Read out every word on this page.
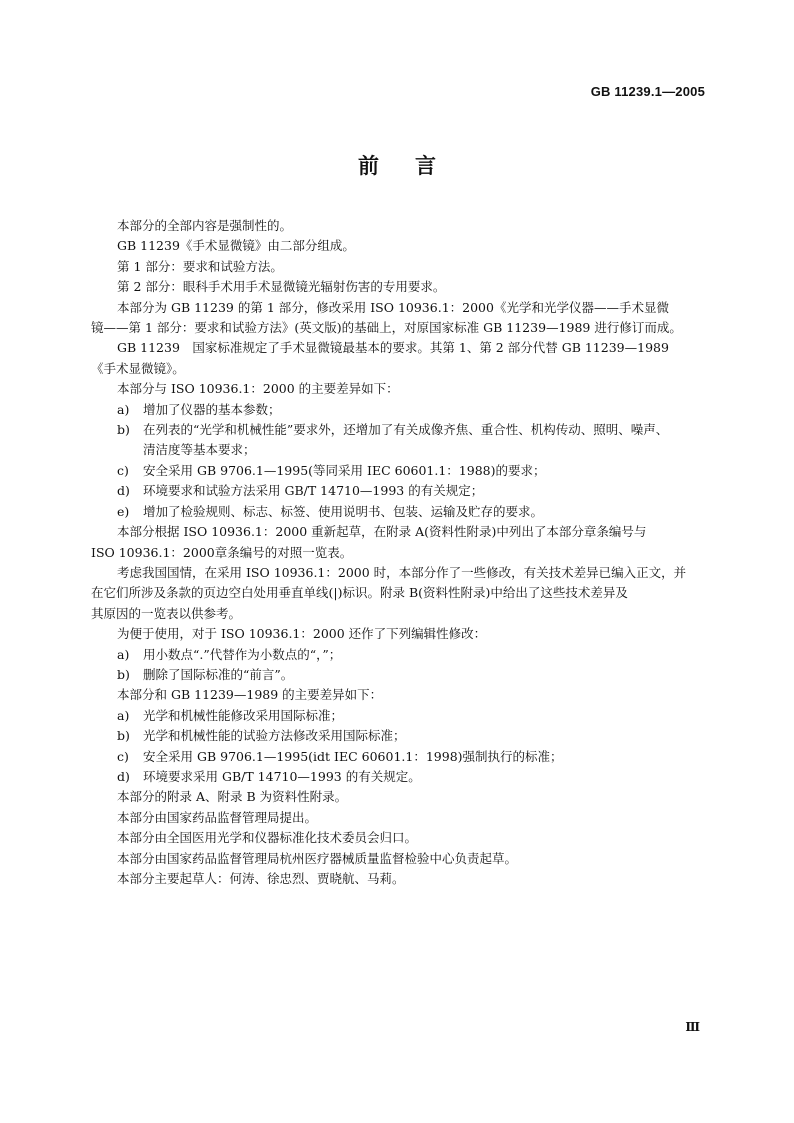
GB 11239.1—2005
前言
本部分的全部内容是强制性的。
GB 11239《手术显微镜》由二部分组成。
第 1 部分：要求和试验方法。
第 2 部分：眼科手术用手术显微镜光辐射伤害的专用要求。
本部分为 GB 11239 的第 1 部分，修改采用 ISO 10936.1：2000《光学和光学仪器——手术显微
镜——第 1 部分：要求和试验方法》(英文版)的基础上，对原国家标准 GB 11239—1989 进行修订而成。
GB 11239　国家标准规定了手术显微镜最基本的要求。其第 1、第 2 部分代替 GB 11239—1989
《手术显微镜》。
本部分与 ISO 10936.1：2000 的主要差异如下：
a)	增加了仪器的基本参数；
b)	在列表的“光学和机械性能”要求外，还增加了有关成像齐焦、重合性、机构传动、照明、噪声、
清洁度等基本要求；
c)	安全采用 GB 9706.1—1995(等同采用 IEC 60601.1：1988)的要求；
d)	环境要求和试验方法采用 GB/T 14710—1993 的有关规定；
e)	增加了检验规则、标志、标签、使用说明书、包装、运输及贮存的要求。
本部分根据 ISO 10936.1：2000 重新起草，在附录 A(资料性附录)中列出了本部分章条编号与
ISO 10936.1：2000章条编号的对照一览表。
考虑我国国情，在采用 ISO 10936.1：2000 时，本部分作了一些修改，有关技术差异已编入正文，并
在它们所涉及条款的页边空白处用垂直单线(|)标识。附录 B(资料性附录)中给出了这些技术差异及
其原因的一览表以供参考。
为便于使用，对于 ISO 10936.1：2000 还作了下列编辑性修改：
a)	用小数点“.”代替作为小数点的“，”；
b)	删除了国际标准的“前言”。
本部分和 GB 11239—1989 的主要差异如下：
a)	光学和机械性能修改采用国际标准；
b)	光学和机械性能的试验方法修改采用国际标准；
c)	安全采用 GB 9706.1—1995(idt IEC 60601.1：1998)强制执行的标准；
d)	环境要求采用 GB/T 14710—1993 的有关规定。
本部分的附录 A、附录 B 为资料性附录。
本部分由国家药品监督管理局提出。
本部分由全国医用光学和仪器标准化技术委员会归口。
本部分由国家药品监督管理局杭州医疗器械质量监督检验中心负责起草。
本部分主要起草人：何涛、徐忠烈、贾晓航、马莉。
Ⅲ
